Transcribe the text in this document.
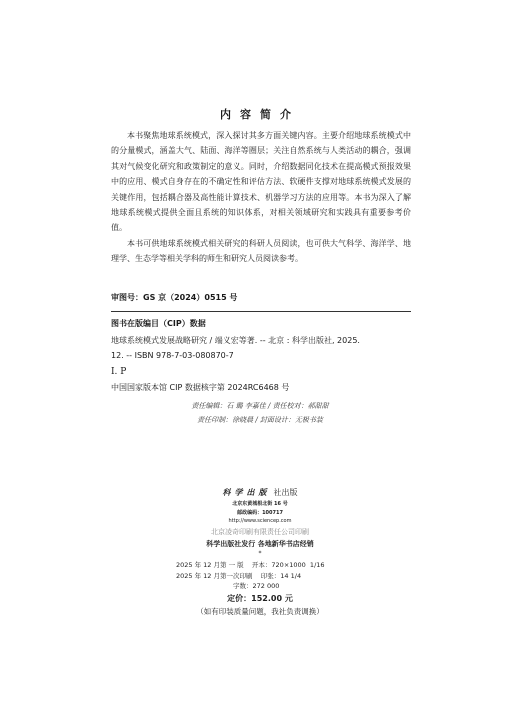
内容简介

本书聚焦地球系统模式，深入探讨其多方面关键内容。主要介绍地球系统模式中的分量模式，涵盖大气、陆面、海洋等圈层；关注自然系统与人类活动的耦合，强调其对气候变化研究和政策制定的意义。同时，介绍数据同化技术在提高模式预报效果中的应用、模式自身存在的不确定性和评估方法、软硬件支撑对地球系统模式发展的关键作用，包括耦合器及高性能计算技术、机器学习方法的应用等。本书为深入了解地球系统模式提供全面且系统的知识体系，对相关领域研究和实践具有重要参考价值。

本书可供地球系统模式相关研究的科研人员阅读，也可供大气科学、海洋学、地理学、生态学等相关学科的师生和研究人员阅读参考。

审图号：GS 京（2024）0515 号
图书在版编目（CIP）数据
地球系统模式发展战略研究 / 端义宏等著. -- 北京 : 科学出版社, 2025.
12. -- ISBN 978-7-03-080870-7
Ⅰ. P
中国国家版本馆 CIP 数据核字第 2024RC6468 号
责任编辑：石 璐 李嘉佳 / 责任校对：郝甜甜
责任印制：徐晓晨 / 封面设计：无极书装
科学出版 社出版
北京东黄城根北街 16 号
邮政编码：100717
http://www.sciencep.com
北京凌奇印刷有限责任公司印刷
科学出版社发行 各地新华书店经销
*
2025 年 12 月第 一 版    开本：720×1000  1/16
2025 年 12 月第一次印刷    印张：14 1/4
字数：272 000
定价：152.00 元
（如有印装质量问题，我社负责调换）
